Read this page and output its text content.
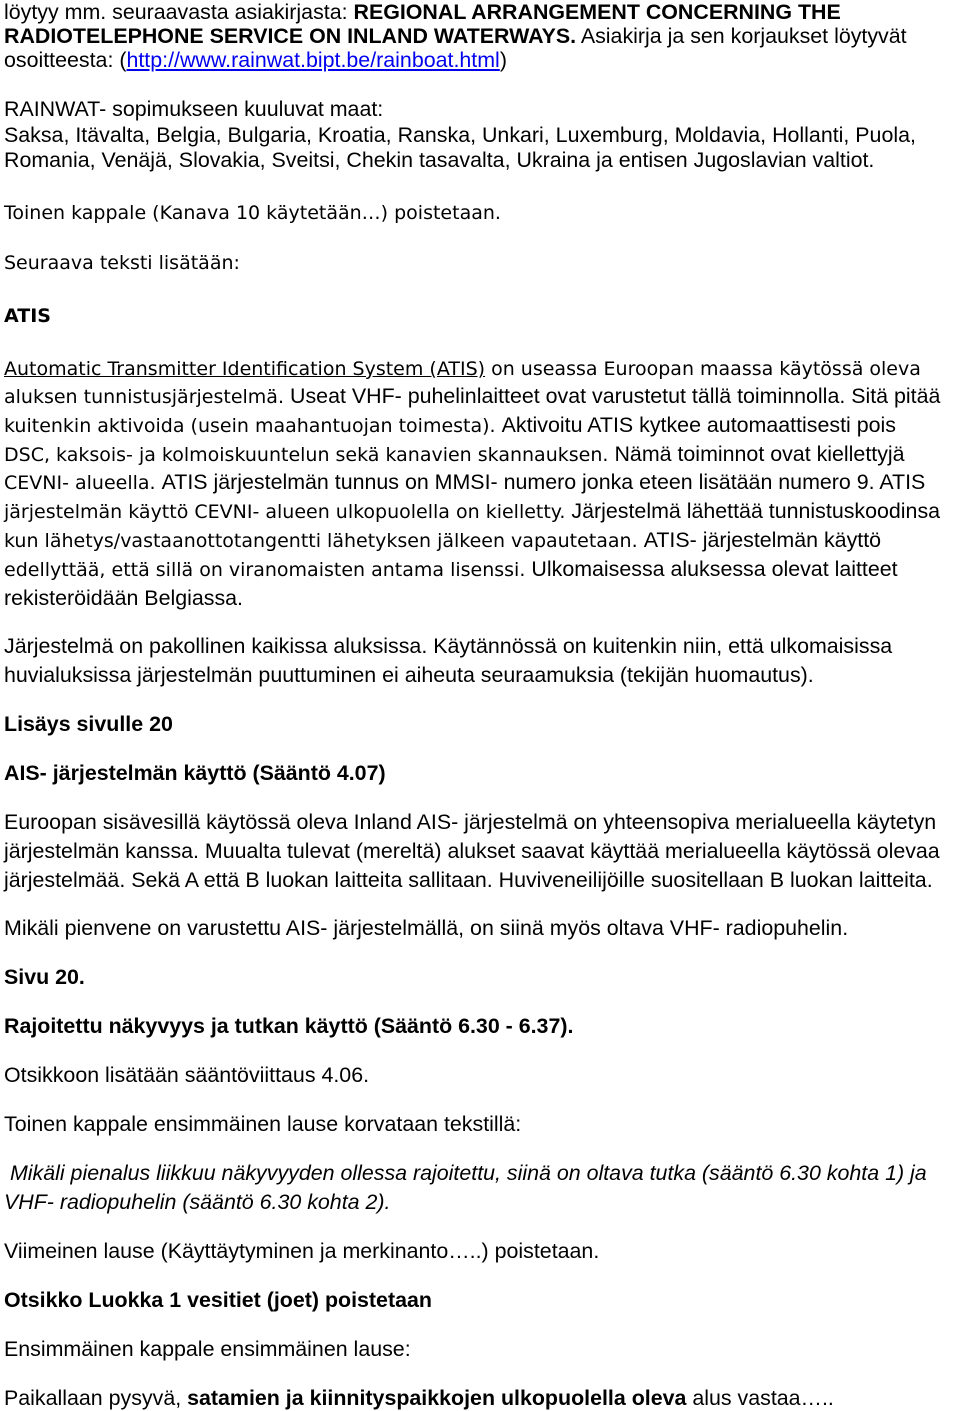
löytyy mm. seuraavasta asiakirjasta: REGIONAL ARRANGEMENT CONCERNING THE
RADIOTELEPHONE SERVICE ON INLAND WATERWAYS. Asiakirja ja sen korjaukset löytyvät
osoitteesta: (http://www.rainwat.bipt.be/rainboat.html)
RAINWAT- sopimukseen kuuluvat maat:
Saksa, Itävalta, Belgia, Bulgaria, Kroatia, Ranska, Unkari, Luxemburg, Moldavia, Hollanti, Puola,
Romania, Venäjä, Slovakia, Sveitsi, Chekin tasavalta, Ukraina ja entisen Jugoslavian valtiot.
Toinen kappale (Kanava 10 käytetään…) poistetaan.
Seuraava teksti lisätään:
ATIS
Automatic Transmitter Identification System (ATIS) on useassa Euroopan maassa käytössä oleva
aluksen tunnistusjärjestelmä. Useat VHF- puhelinlaitteet ovat varustetut tällä toiminnolla. Sitä pitää
kuitenkin aktivoida (usein maahantuojan toimesta). Aktivoitu ATIS kytkee automaattisesti pois
DSC, kaksois- ja kolmoiskuuntelun sekä kanavien skannauksen. Nämä toiminnot ovat kiellettyjä
CEVNI- alueella. ATIS järjestelmän tunnus on MMSI- numero jonka eteen lisätään numero 9. ATIS
järjestelmän käyttö CEVNI- alueen ulkopuolella on kielletty. Järjestelmä lähettää tunnistuskoodinsa
kun lähetys/vastaanottotangentti lähetyksen jälkeen vapautetaan. ATIS- järjestelmän käyttö
edellyttää, että sillä on viranomaisten antama lisenssi. Ulkomaisessa aluksessa olevat laitteet
rekisteröidään Belgiassa.
Järjestelmä on pakollinen kaikissa aluksissa. Käytännössä on kuitenkin niin, että ulkomaisissa
huvialuksissa järjestelmän puuttuminen ei aiheuta seuraamuksia (tekijän huomautus).
Lisäys sivulle 20
AIS- järjestelmän käyttö (Sääntö 4.07)
Euroopan sisävesillä käytössä oleva Inland AIS- järjestelmä on yhteensopiva merialueella käytetyn
järjestelmän kanssa. Muualta tulevat (mereltä) alukset saavat käyttää merialueella käytössä olevaa
järjestelmää. Sekä A että B luokan laitteita sallitaan. Huviveneilijöille suositellaan B luokan laitteita.
Mikäli pienvene on varustettu AIS- järjestelmällä, on siinä myös oltava VHF- radiopuhelin.
Sivu 20.
Rajoitettu näkyvyys ja tutkan käyttö (Sääntö 6.30 - 6.37).
Otsikkoon lisätään sääntöviittaus 4.06.
Toinen kappale ensimmäinen lause korvataan tekstillä:
Mikäli pienalus liikkuu näkyvyyden ollessa rajoitettu, siinä on oltava tutka (sääntö 6.30 kohta 1) ja
VHF- radiopuhelin (sääntö 6.30 kohta 2).
Viimeinen lause (Käyttäytyminen ja merkinanto…..) poistetaan.
Otsikko Luokka 1 vesitiet (joet) poistetaan
Ensimmäinen kappale ensimmäinen lause:
Paikallaan pysyvä, satamien ja kiinnityspaikkojen ulkopuolella oleva alus vastaa…..
